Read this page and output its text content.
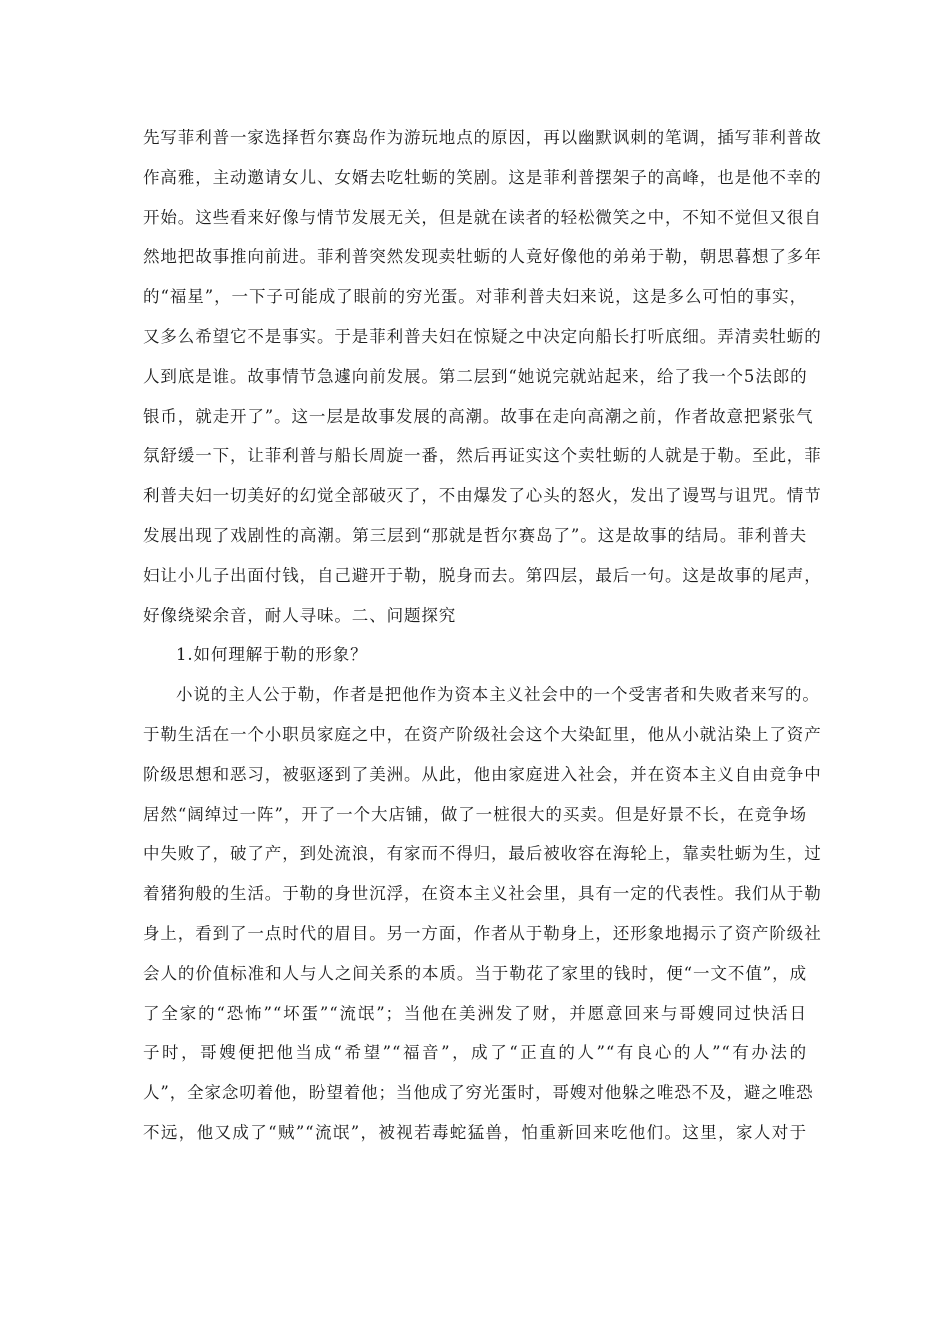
先写菲利普一家选择哲尔赛岛作为游玩地点的原因，再以幽默讽刺的笔调，插写菲利普故
作高雅，主动邀请女儿、女婿去吃牡蛎的笑剧。这是菲利普摆架子的高峰，也是他不幸的
开始。这些看来好像与情节发展无关，但是就在读者的轻松微笑之中，不知不觉但又很自
然地把故事推向前进。菲利普突然发现卖牡蛎的人竟好像他的弟弟于勒，朝思暮想了多年
的“福星”，一下子可能成了眼前的穷光蛋。对菲利普夫妇来说，这是多么可怕的事实，
又多么希望它不是事实。于是菲利普夫妇在惊疑之中决定向船长打听底细。弄清卖牡蛎的
人到底是谁。故事情节急遽向前发展。第二层到“她说完就站起来，给了我一个5法郎的
银币，就走开了”。这一层是故事发展的高潮。故事在走向高潮之前，作者故意把紧张气
氛舒缓一下，让菲利普与船长周旋一番，然后再证实这个卖牡蛎的人就是于勒。至此，菲
利普夫妇一切美好的幻觉全部破灭了，不由爆发了心头的怒火，发出了谩骂与诅咒。情节
发展出现了戏剧性的高潮。第三层到“那就是哲尔赛岛了”。这是故事的结局。菲利普夫
妇让小儿子出面付钱，自己避开于勒，脱身而去。第四层，最后一句。这是故事的尾声，
好像绕梁余音，耐人寻味。二、问题探究
1.如何理解于勒的形象？
小说的主人公于勒，作者是把他作为资本主义社会中的一个受害者和失败者来写的。
于勒生活在一个小职员家庭之中，在资产阶级社会这个大染缸里，他从小就沾染上了资产
阶级思想和恶习，被驱逐到了美洲。从此，他由家庭进入社会，并在资本主义自由竞争中
居然“阔绰过一阵”，开了一个大店铺，做了一桩很大的买卖。但是好景不长，在竞争场
中失败了，破了产，到处流浪，有家而不得归，最后被收容在海轮上，靠卖牡蛎为生，过
着猪狗般的生活。于勒的身世沉浮，在资本主义社会里，具有一定的代表性。我们从于勒
身上，看到了一点时代的眉目。另一方面，作者从于勒身上，还形象地揭示了资产阶级社
会人的价值标准和人与人之间关系的本质。当于勒花了家里的钱时，便“一文不值”，成
了全家的“恐怖”“坏蛋”“流氓”；当他在美洲发了财，并愿意回来与哥嫂同过快活日
子时，哥嫂便把他当成“希望”“福音”，成了“正直的人”“有良心的人”“有办法的
人”，全家念叨着他，盼望着他；当他成了穷光蛋时，哥嫂对他躲之唯恐不及，避之唯恐
不远，他又成了“贼”“流氓”，被视若毒蛇猛兽，怕重新回来吃他们。这里，家人对于
